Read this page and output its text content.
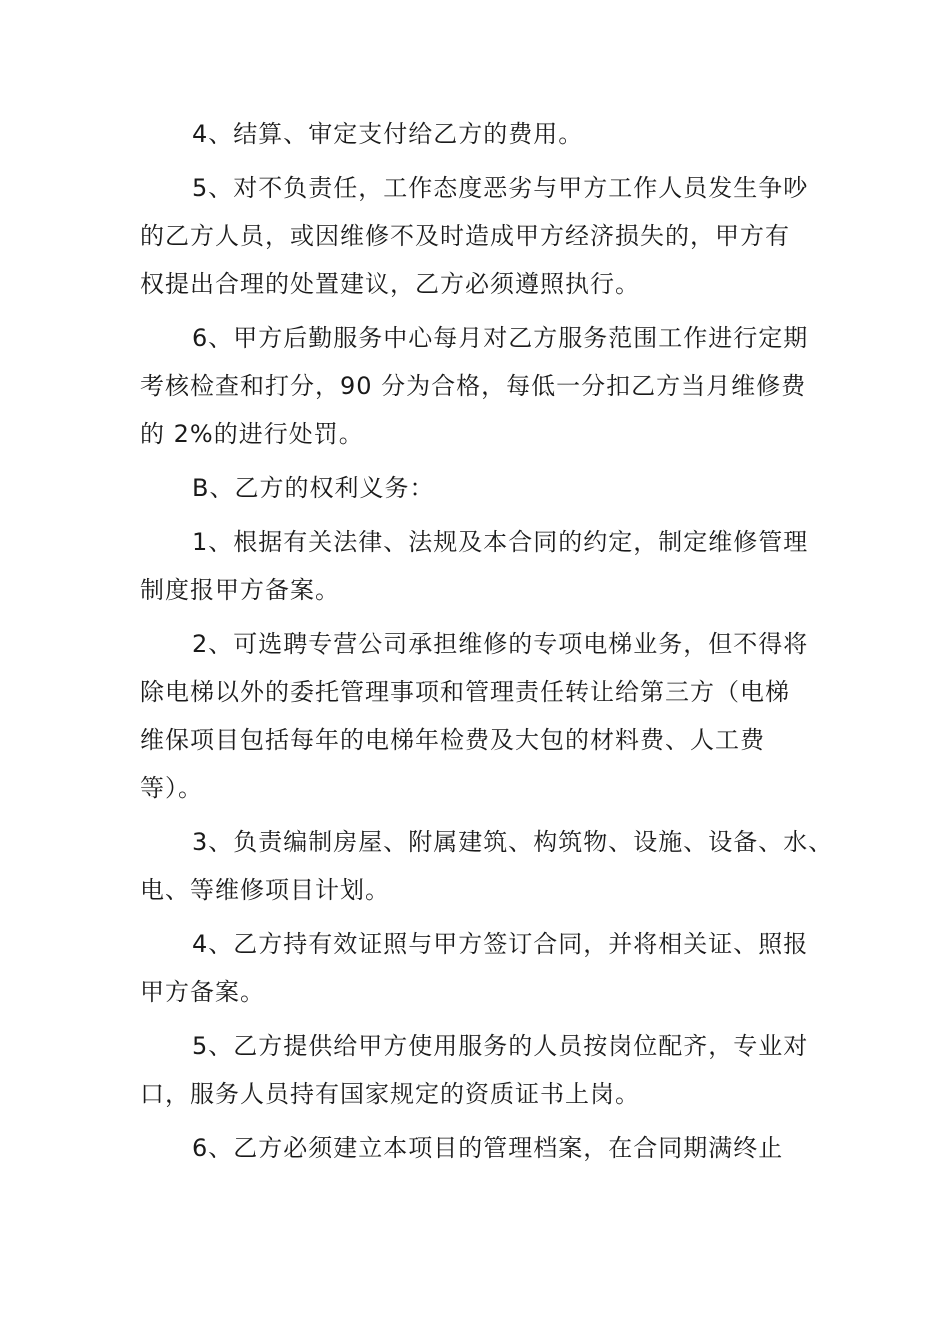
4、结算、审定支付给乙方的费用。
5、对不负责任，工作态度恶劣与甲方工作人员发生争吵
的乙方人员，或因维修不及时造成甲方经济损失的，甲方有
权提出合理的处置建议，乙方必须遵照执行。
6、甲方后勤服务中心每月对乙方服务范围工作进行定期
考核检查和打分，90 分为合格，每低一分扣乙方当月维修费
的 2%的进行处罚。
B、乙方的权利义务：
1、根据有关法律、法规及本合同的约定，制定维修管理
制度报甲方备案。
2、可选聘专营公司承担维修的专项电梯业务，但不得将
除电梯以外的委托管理事项和管理责任转让给第三方（电梯
维保项目包括每年的电梯年检费及大包的材料费、人工费
等）。
3、负责编制房屋、附属建筑、构筑物、设施、设备、水、
电、等维修项目计划。
4、乙方持有效证照与甲方签订合同，并将相关证、照报
甲方备案。
5、乙方提供给甲方使用服务的人员按岗位配齐，专业对
口，服务人员持有国家规定的资质证书上岗。
6、乙方必须建立本项目的管理档案，在合同期满终止
